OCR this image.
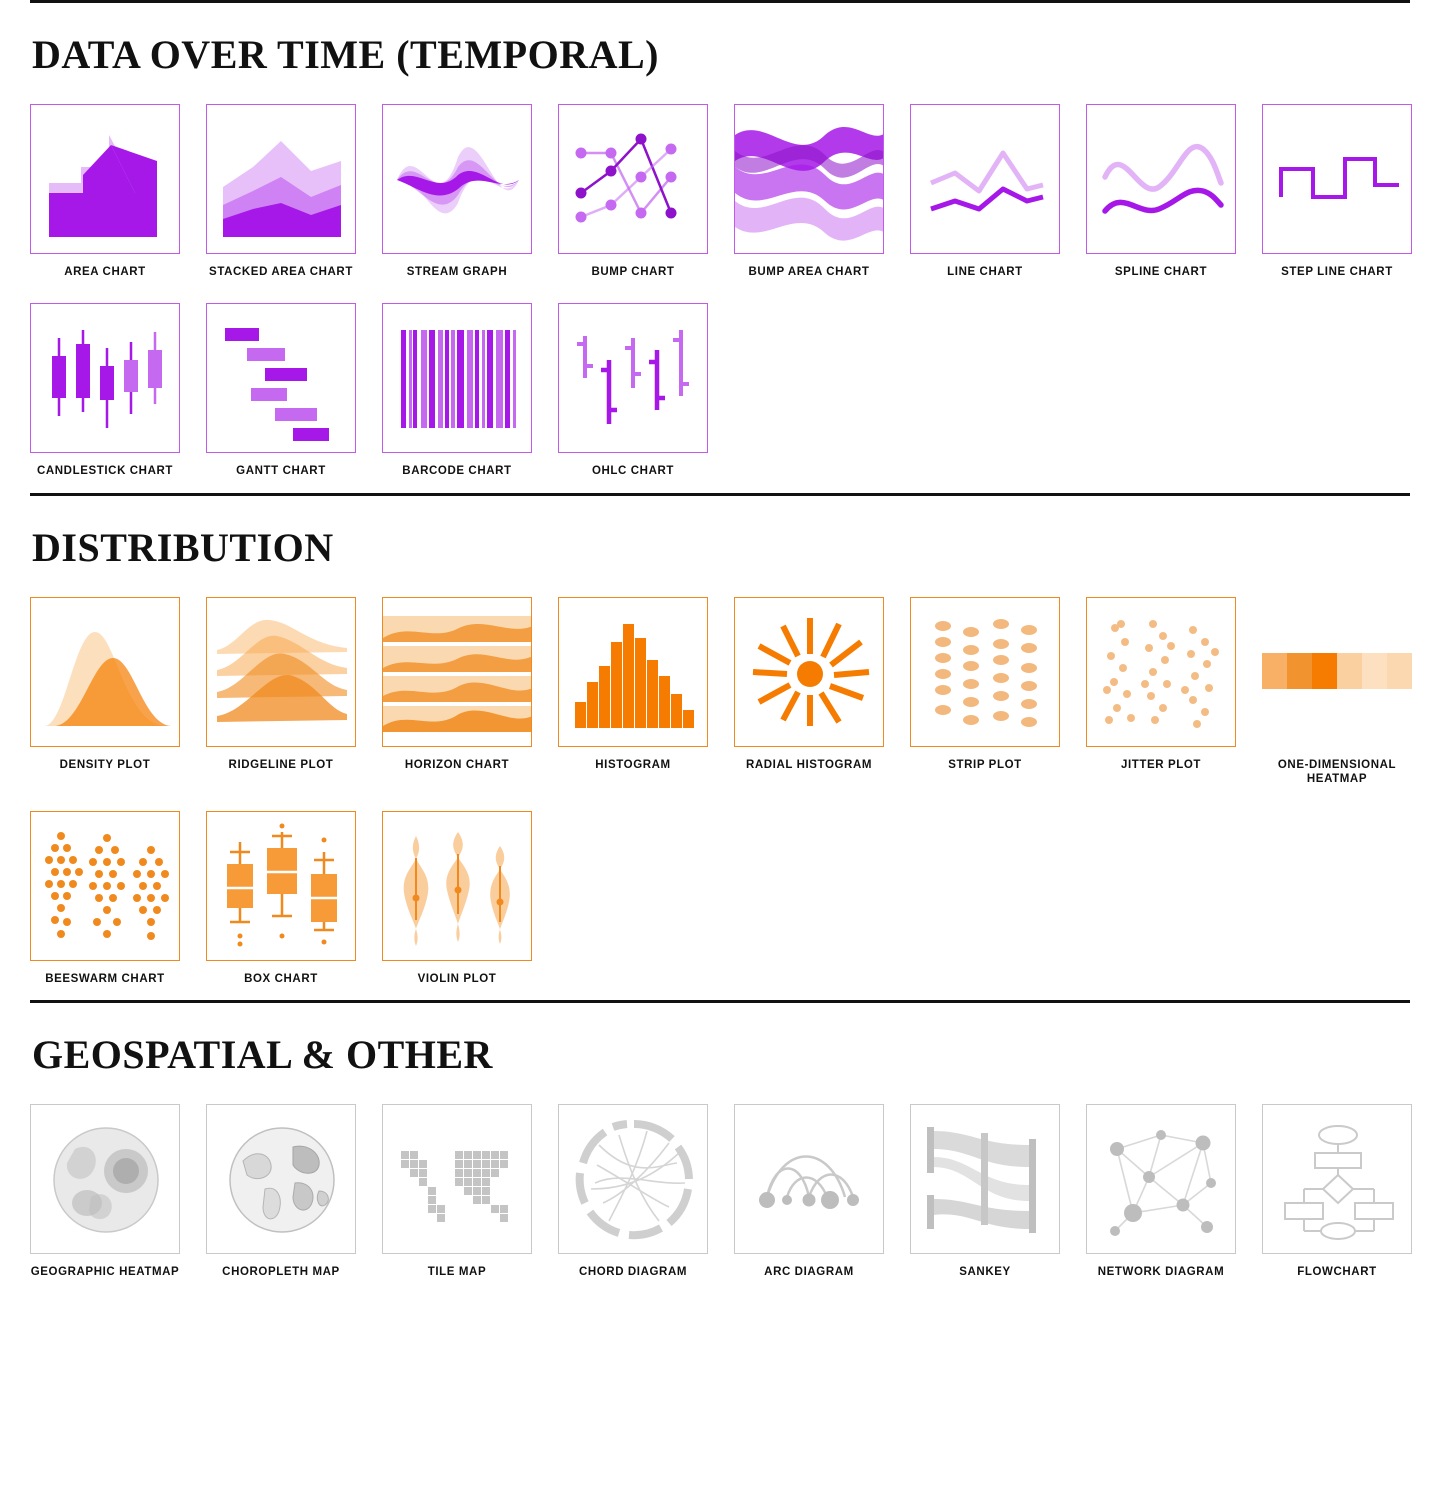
DATA OVER TIME (TEMPORAL)
AREA CHART	STACKED AREA CHART	STREAM GRAPH	BUMP CHART	BUMP AREA CHART	LINE CHART	SPLINE CHART	STEP LINE CHART
CANDLESTICK CHART	GANTT CHART	BARCODE CHART	OHLC CHART
DISTRIBUTION
DENSITY PLOT	RIDGELINE PLOT	HORIZON CHART	HISTOGRAM	RADIAL HISTOGRAM	STRIP PLOT	JITTER PLOT	ONE-DIMENSIONAL HEATMAP
BEESWARM CHART	BOX CHART	VIOLIN PLOT
GEOSPATIAL & OTHER
GEOGRAPHIC HEATMAP	CHOROPLETH MAP	TILE MAP	CHORD DIAGRAM	ARC DIAGRAM	SANKEY	NETWORK DIAGRAM	FLOWCHART
